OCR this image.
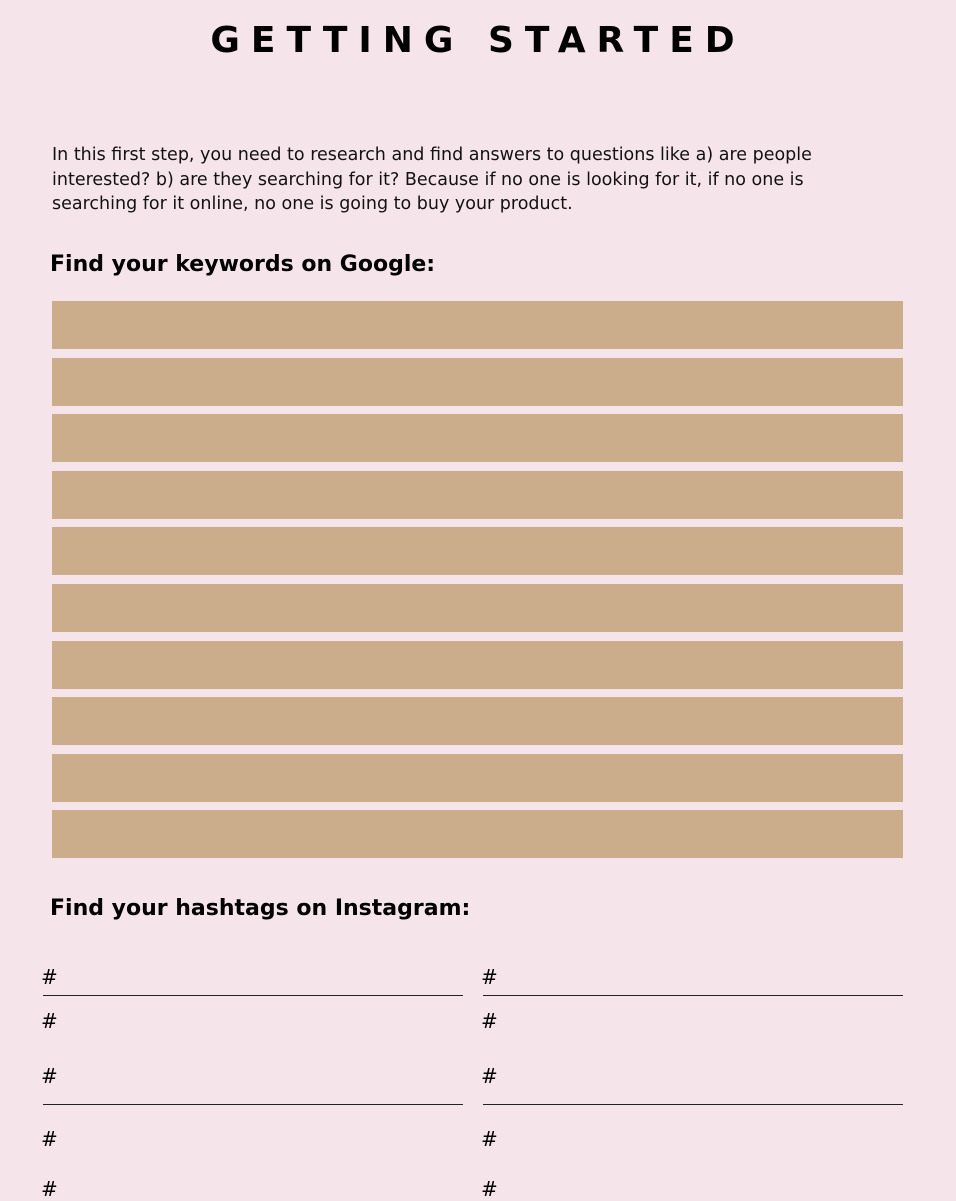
GETTING STARTED
In this first step, you need to research and find answers to questions like a) are people interested? b) are they searching for it? Because if no one is looking for it, if no one is searching for it online, no one is going to buy your product.
Find your keywords on Google:
Find your hashtags on Instagram:
#
#
#
#
#
#
#
#
#
#
